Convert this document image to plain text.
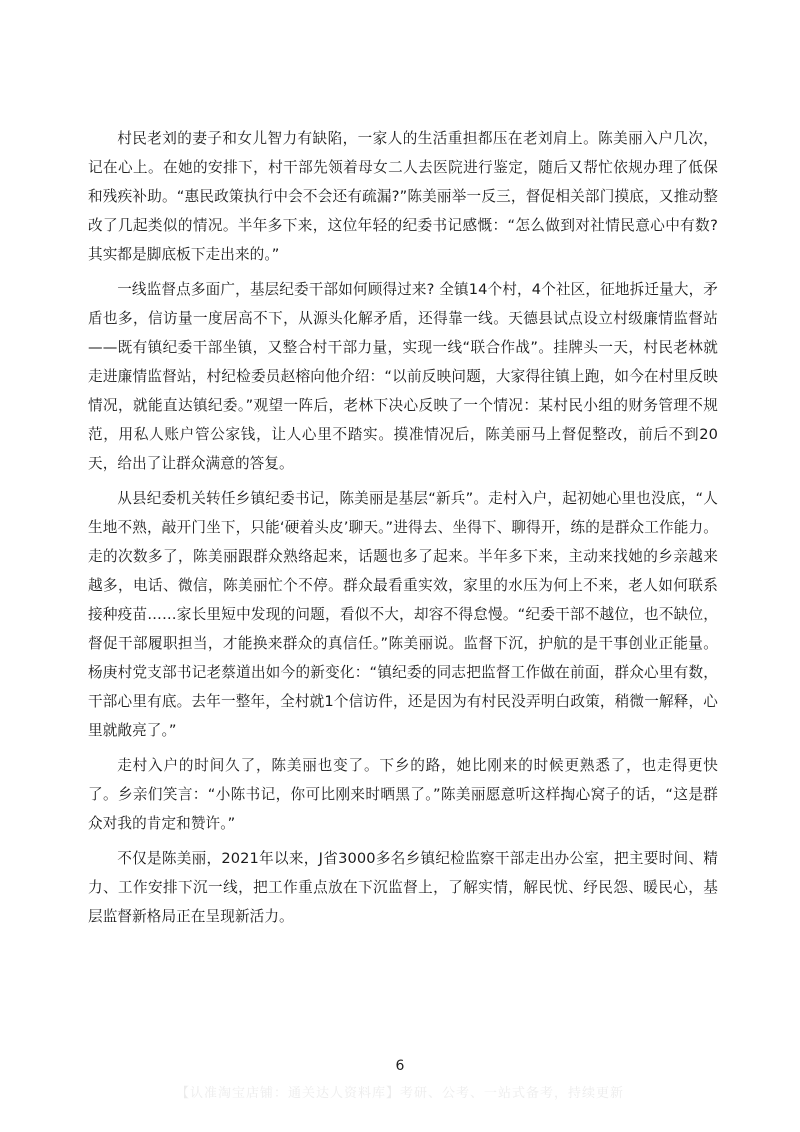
村民老刘的妻子和女儿智力有缺陷，一家人的生活重担都压在老刘肩上。陈美丽入户几次，记在心上。在她的安排下，村干部先领着母女二人去医院进行鉴定，随后又帮忙依规办理了低保和残疾补助。“惠民政策执行中会不会还有疏漏?”陈美丽举一反三，督促相关部门摸底，又推动整改了几起类似的情况。半年多下来，这位年轻的纪委书记感慨：“怎么做到对社情民意心中有数? 其实都是脚底板下走出来的。”

一线监督点多面广，基层纪委干部如何顾得过来? 全镇14个村，4个社区，征地拆迁量大，矛盾也多，信访量一度居高不下，从源头化解矛盾，还得靠一线。天德县试点设立村级廉情监督站——既有镇纪委干部坐镇，又整合村干部力量，实现一线“联合作战”。挂牌头一天，村民老林就走进廉情监督站，村纪检委员赵榕向他介绍：“以前反映问题，大家得往镇上跑，如今在村里反映情况，就能直达镇纪委。”观望一阵后，老林下决心反映了一个情况：某村民小组的财务管理不规范，用私人账户管公家钱，让人心里不踏实。摸准情况后，陈美丽马上督促整改，前后不到20天，给出了让群众满意的答复。

从县纪委机关转任乡镇纪委书记，陈美丽是基层“新兵”。走村入户，起初她心里也没底，“人生地不熟，敲开门坐下，只能‘硬着头皮’聊天。”进得去、坐得下、聊得开，练的是群众工作能力。走的次数多了，陈美丽跟群众熟络起来，话题也多了起来。半年多下来，主动来找她的乡亲越来越多，电话、微信，陈美丽忙个不停。群众最看重实效，家里的水压为何上不来，老人如何联系接种疫苗……家长里短中发现的问题，看似不大，却容不得怠慢。“纪委干部不越位，也不缺位，督促干部履职担当，才能换来群众的真信任。”陈美丽说。监督下沉，护航的是干事创业正能量。杨庚村党支部书记老蔡道出如今的新变化：“镇纪委的同志把监督工作做在前面，群众心里有数，干部心里有底。去年一整年，全村就1个信访件，还是因为有村民没弄明白政策，稍微一解释，心里就敞亮了。”

走村入户的时间久了，陈美丽也变了。下乡的路，她比刚来的时候更熟悉了，也走得更快了。乡亲们笑言：“小陈书记，你可比刚来时晒黑了。”陈美丽愿意听这样掏心窝子的话，“这是群众对我的肯定和赞许。”

不仅是陈美丽，2021年以来，J省3000多名乡镇纪检监察干部走出办公室，把主要时间、精力、工作安排下沉一线，把工作重点放在下沉监督上，了解实情，解民忧、纾民怨、暖民心，基层监督新格局正在呈现新活力。

6
【认准淘宝店铺：通关达人资料库】考研、公考、一站式备考，持续更新
